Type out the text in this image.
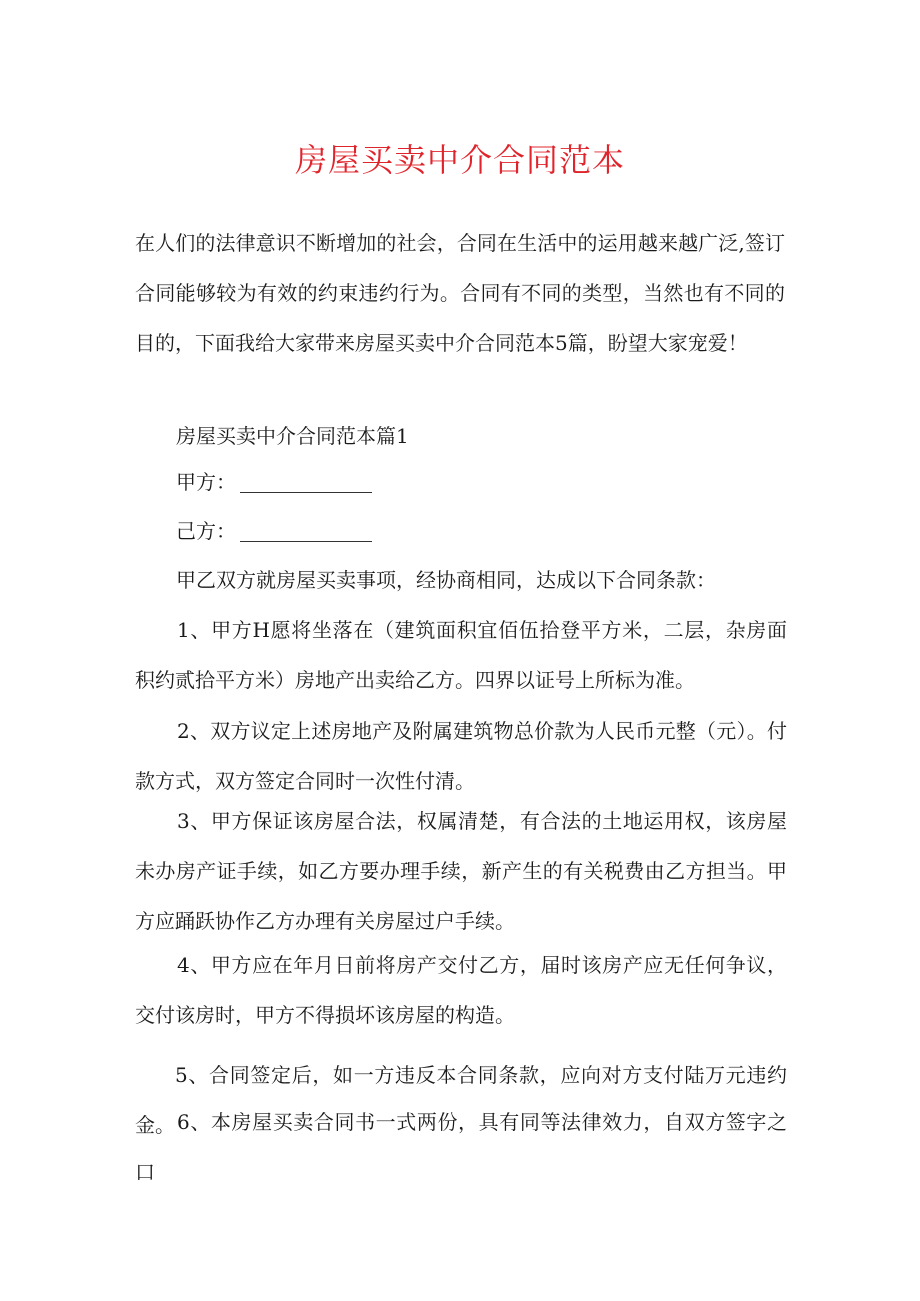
房屋买卖中介合同范本
在人们的法律意识不断增加的社会，合同在生活中的运用越来越广泛,签订合同能够较为有效的约束违约行为。合同有不同的类型，当然也有不同的目的，下面我给大家带来房屋买卖中介合同范本5篇，盼望大家宠爱！
房屋买卖中介合同范本篇1
甲方：
己方：
甲乙双方就房屋买卖事项，经协商相同，达成以下合同条款：
1、甲方H愿将坐落在（建筑面积宜佰伍拾登平方米，二层，杂房面积约贰拾平方米）房地产出卖给乙方。四界以证号上所标为准。
2、双方议定上述房地产及附属建筑物总价款为人民币元整（元）。付款方式，双方签定合同时一次性付清。
3、甲方保证该房屋合法，权属清楚，有合法的土地运用权，该房屋未办房产证手续，如乙方要办理手续，新产生的有关税费由乙方担当。甲方应踊跃协作乙方办理有关房屋过户手续。
4、甲方应在年月日前将房产交付乙方，届时该房产应无任何争议，交付该房时，甲方不得损坏该房屋的构造。
5、合同签定后，如一方违反本合同条款，应向对方支付陆万元违约金。 6、本房屋买卖合同书一式两份，具有同等法律效力，自双方签字之口
